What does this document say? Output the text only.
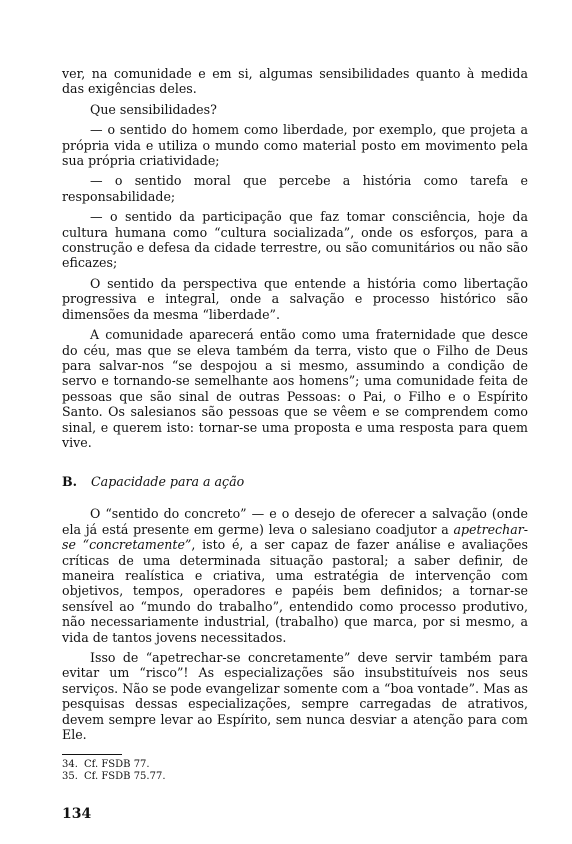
ver, na comunidade e em si, algumas sensibilidades quanto à medida das exigências deles.

Que sensibilidades?

— o sentido do homem como liberdade, por exemplo, que projeta a própria vida e utiliza o mundo como material posto em movimento pela sua própria criatividade;

— o sentido moral que percebe a história como tarefa e responsabilidade;

— o sentido da participação que faz tomar consciência, hoje da cultura humana como “cultura socializada”, onde os esforços, para a construção e defesa da cidade terrestre, ou são comunitários ou não são eficazes;

O sentido da perspectiva que entende a história como libertação progressiva e integral, onde a salvação e processo histórico são dimensões da mesma “liberdade”.

A comunidade aparecerá então como uma fraternidade que desce do céu, mas que se eleva também da terra, visto que o Filho de Deus para salvar-nos “se despojou a si mesmo, assumindo a condição de servo e tornando-se semelhante aos homens”; uma comunidade feita de pessoas que são sinal de outras Pessoas: o Pai, o Filho e o Espírito Santo. Os salesianos são pessoas que se vêem e se comprendem como sinal, e querem isto: tornar-se uma proposta e uma resposta para quem vive.

B. Capacidade para a ação

O “sentido do concreto” — e o desejo de oferecer a salvação (onde ela já está presente em germe) leva o salesiano coadjutor a apetrechar-se “concretamente”, isto é, a ser capaz de fazer análise e avaliações críticas de uma determinada situação pastoral; a saber definir, de maneira realística e criativa, uma estratégia de intervenção com objetivos, tempos, operadores e papéis bem definidos; a tornar-se sensível ao “mundo do trabalho”, entendido como processo produtivo, não necessariamente industrial, (trabalho) que marca, por si mesmo, a vida de tantos jovens necessitados.

Isso de “apetrechar-se concretamente” deve servir também para evitar um “risco”! As especializações são insubstituíveis nos seus serviços. Não se pode evangelizar somente com a “boa vontade”. Mas as pesquisas dessas especializações, sempre carregadas de atrativos, devem sempre levar ao Espírito, sem nunca desviar a atenção para com Ele.

34. Cf. FSDB 77.
35. Cf. FSDB 75.77.
134
